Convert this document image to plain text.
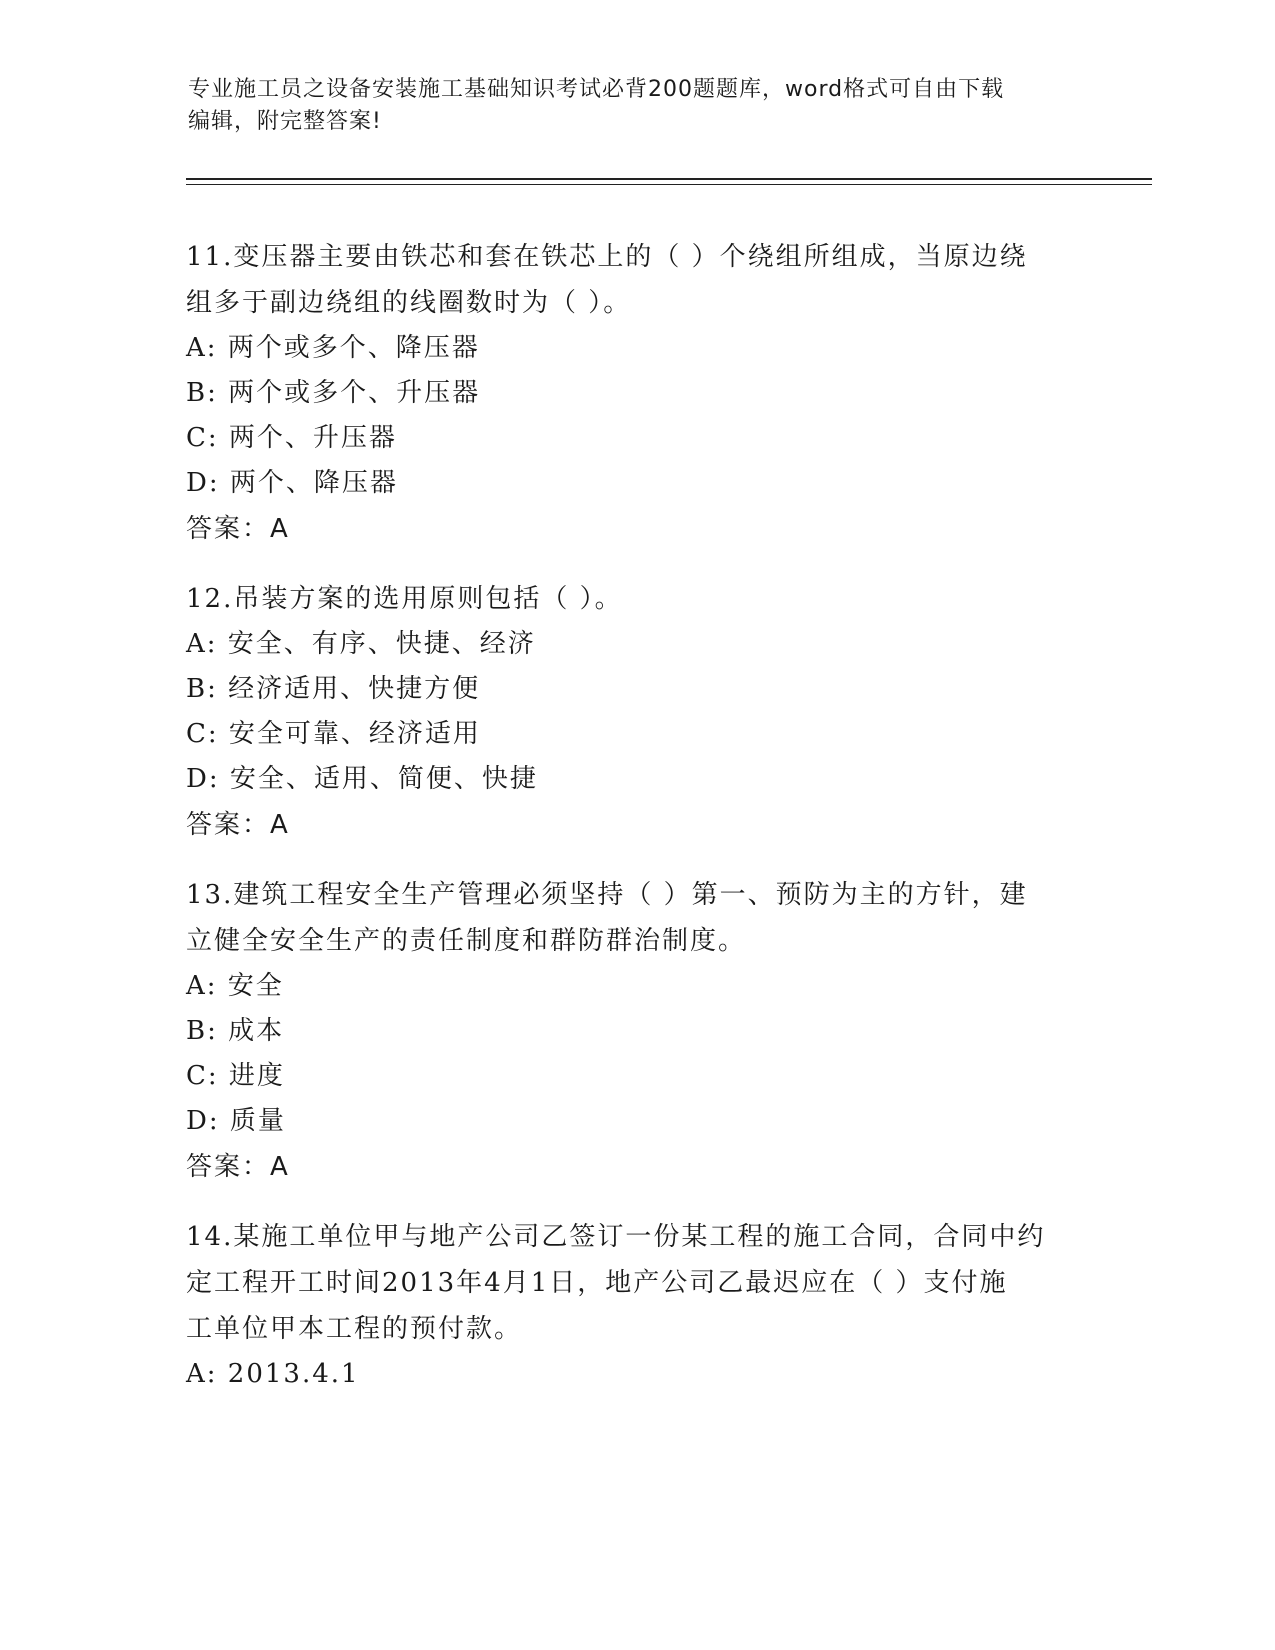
专业施工员之设备安装施工基础知识考试必背200题题库，word格式可自由下载
编辑，附完整答案!

11.变压器主要由铁芯和套在铁芯上的（ ）个绕组所组成，当原边绕

组多于副边绕组的线圈数时为（ ）。

A: 两个或多个、降压器

B: 两个或多个、升压器

C: 两个、升压器

D: 两个、降压器

答案：A

12.吊装方案的选用原则包括（ ）。

A: 安全、有序、快捷、经济

B: 经济适用、快捷方便

C: 安全可靠、经济适用

D: 安全、适用、简便、快捷

答案：A

13.建筑工程安全生产管理必须坚持（ ）第一、预防为主的方针，建

立健全安全生产的责任制度和群防群治制度。

A: 安全

B: 成本

C: 进度

D: 质量

答案：A

14.某施工单位甲与地产公司乙签订一份某工程的施工合同，合同中约

定工程开工时间2013年4月1日，地产公司乙最迟应在（ ）支付施

工单位甲本工程的预付款。

A: 2013.4.1
